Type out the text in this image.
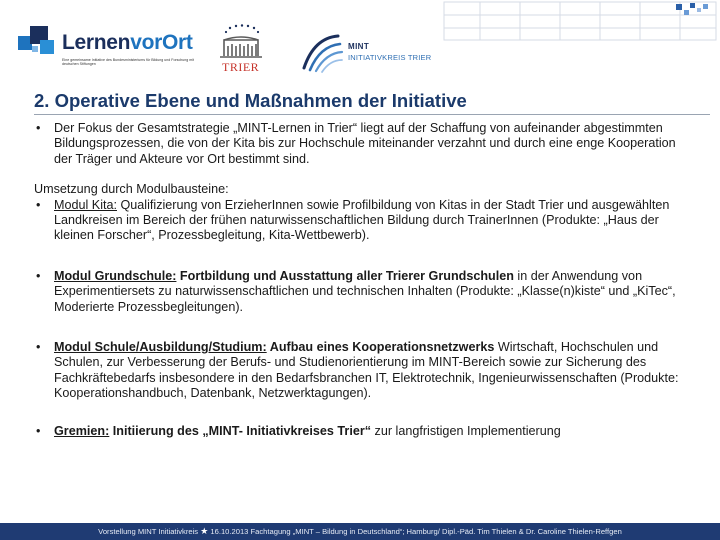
LernenvorOrt
Eine gemeinsame Initiative des Bundesministeriums für Bildung und Forschung mit deutschen Stiftungen	TRIER
MINT
INITIATIVKREIS TRIER
2. Operative Ebene und Maßnahmen der Initiative
• Der Fokus der Gesamtstrategie „MINT-Lernen in Trier“ liegt auf der Schaffung von aufeinander abgestimmten Bildungsprozessen, die von der Kita bis zur Hochschule miteinander verzahnt und durch eine enge Kooperation der Träger und Akteure vor Ort bestimmt sind.
Umsetzung durch Modulbausteine:
• Modul Kita: Qualifizierung von ErzieherInnen sowie Profilbildung von Kitas in der Stadt Trier und ausgewählten Landkreisen im Bereich der frühen naturwissenschaftlichen Bildung durch TrainerInnen (Produkte: „Haus der kleinen Forscher“, Prozessbegleitung, Kita-Wettbewerb).
• Modul Grundschule: Fortbildung und Ausstattung aller Trierer Grundschulen in der Anwendung von Experimentiersets zu naturwissenschaftlichen und technischen Inhalten (Produkte: „Klasse(n)kiste“ und „KiTec“, Moderierte Prozessbegleitungen).
• Modul Schule/Ausbildung/Studium: Aufbau eines Kooperationsnetzwerks Wirtschaft, Hochschulen und Schulen, zur Verbesserung der Berufs- und Studienorientierung im MINT-Bereich sowie zur Sicherung des Fachkräftebedarfs insbesondere in den Bedarfsbranchen IT, Elektrotechnik, Ingenieurwissenschaften (Produkte: Kooperationshandbuch, Datenbank, Netzwerktagungen).
• Gremien: Initiierung des „MINT- Initiativkreises Trier“ zur langfristigen Implementierung
Vorstellung MINT Initiativkreis ★ 16.10.2013 Fachtagung „MINT – Bildung in Deutschland“; Hamburg/ Dipl.-Päd. Tim Thielen & Dr. Caroline Thielen-Reffgen
